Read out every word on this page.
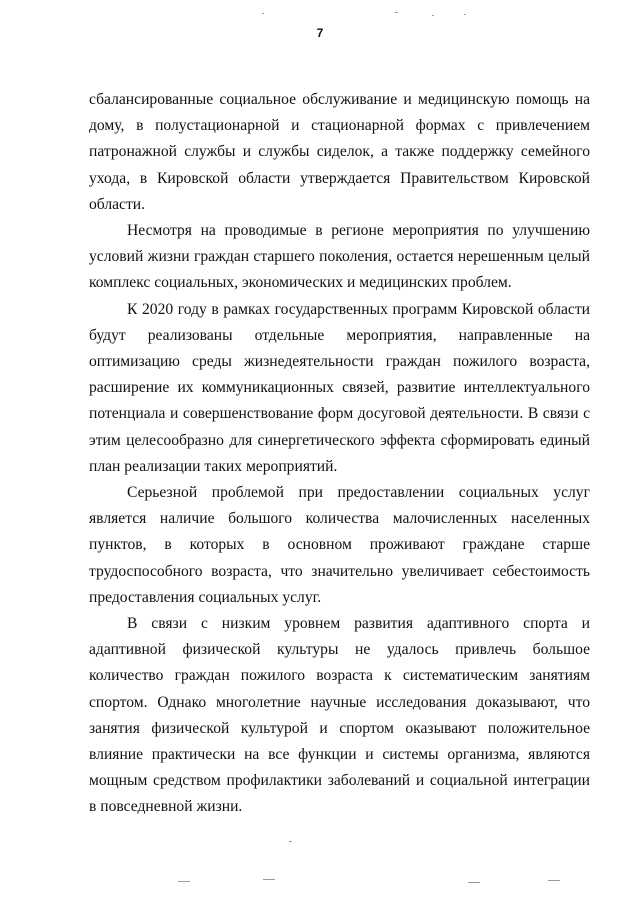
7

сбалансированные социальное обслуживание и медицинскую помощь на дому, в полустационарной и стационарной формах с привлечением патронажной службы и службы сиделок, а также поддержку семейного ухода, в Кировской области утверждается Правительством Кировской области.

Несмотря на проводимые в регионе мероприятия по улучшению условий жизни граждан старшего поколения, остается нерешенным целый комплекс социальных, экономических и медицинских проблем.

К 2020 году в рамках государственных программ Кировской области будут реализованы отдельные мероприятия, направленные на оптимизацию среды жизнедеятельности граждан пожилого возраста, расширение их коммуникационных связей, развитие интеллектуального потенциала и совершенствование форм досуговой деятельности. В связи с этим целесообразно для синергетического эффекта сформировать единый план реализации таких мероприятий.

Серьезной проблемой при предоставлении социальных услуг является наличие большого количества малочисленных населенных пунктов, в которых в основном проживают граждане старше трудоспособного возраста, что значительно увеличивает себестоимость предоставления социальных услуг.

В связи с низким уровнем развития адаптивного спорта и адаптивной физической культуры не удалось привлечь большое количество граждан пожилого возраста к систематическим занятиям спортом. Однако многолетние научные исследования доказывают, что занятия физической культурой и спортом оказывают положительное влияние практически на все функции и системы организма, являются мощным средством профилактики заболеваний и социальной интеграции в повседневной жизни.
